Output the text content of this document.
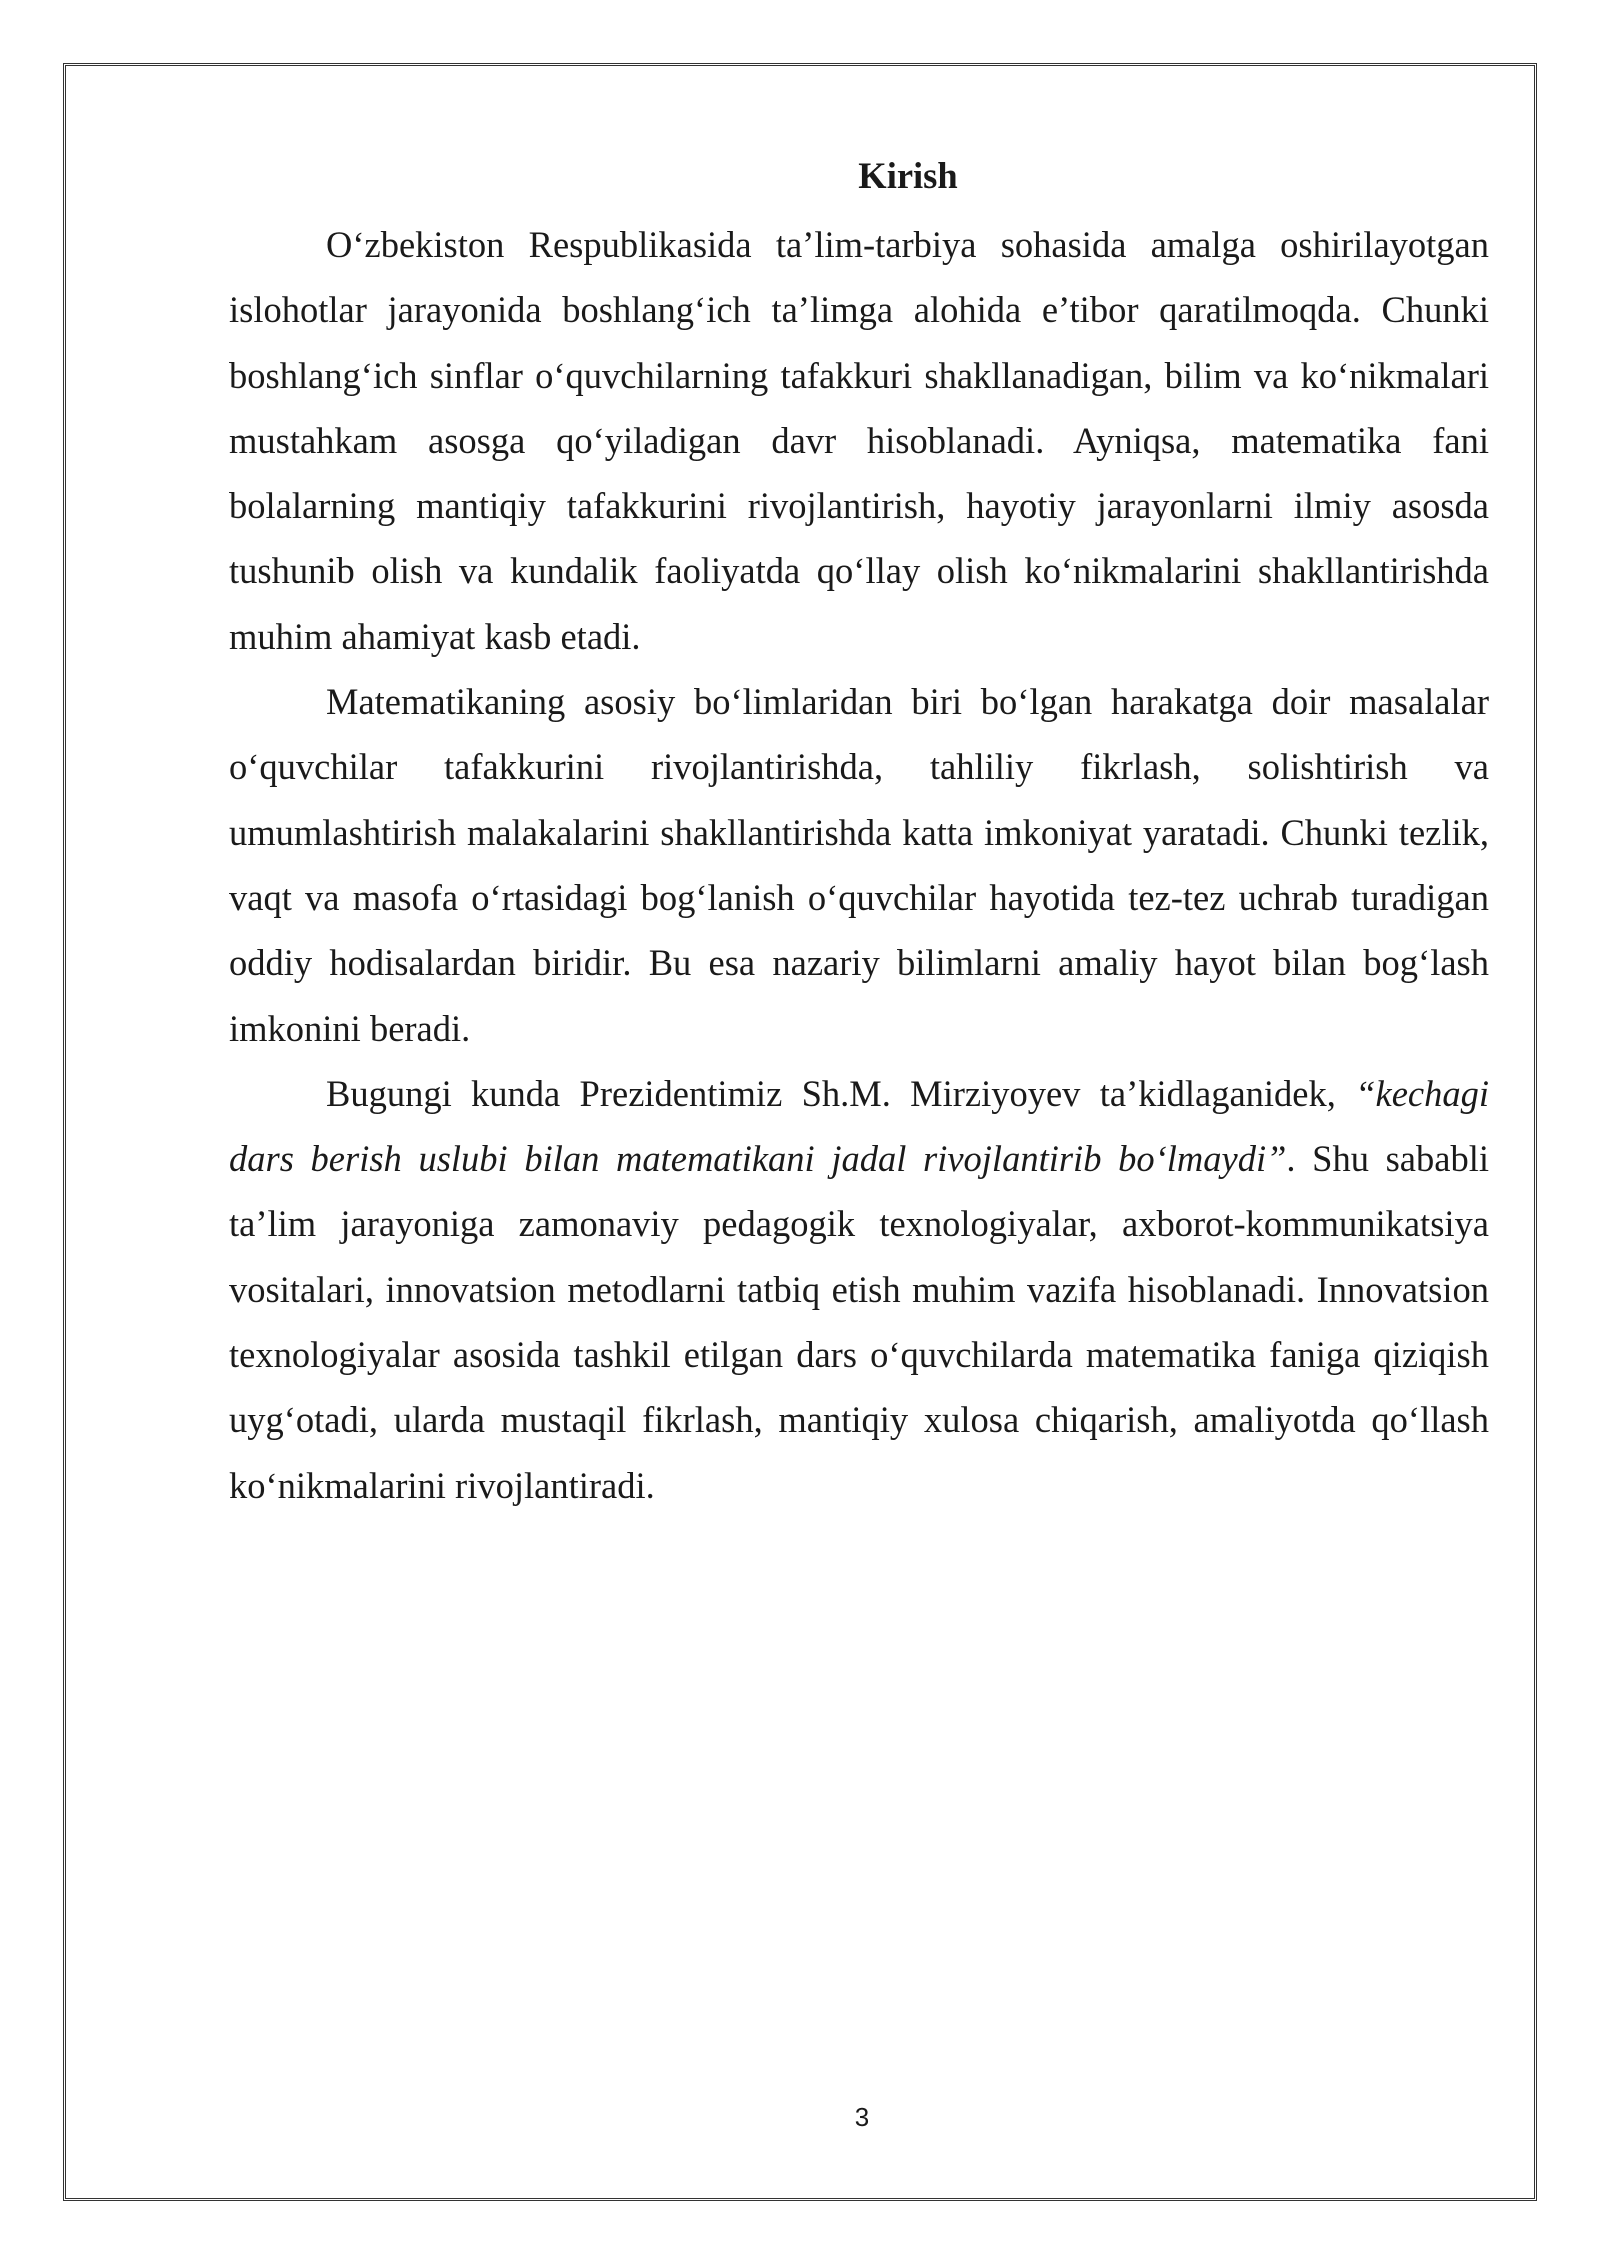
Kirish

O‘zbekiston Respublikasida ta’lim-tarbiya sohasida amalga oshirilayotgan islohotlar jarayonida boshlang‘ich ta’limga alohida e’tibor qaratilmoqda. Chunki boshlang‘ich sinflar o‘quvchilarning tafakkuri shakllanadigan, bilim va ko‘nikmalari mustahkam asosga qo‘yiladigan davr hisoblanadi. Ayniqsa, matematika fani bolalarning mantiqiy tafakkurini rivojlantirish, hayotiy jarayonlarni ilmiy asosda tushunib olish va kundalik faoliyatda qo‘llay olish ko‘nikmalarini shakllantirishda muhim ahamiyat kasb etadi.

Matematikaning asosiy bo‘limlaridan biri bo‘lgan harakatga doir masalalar o‘quvchilar tafakkurini rivojlantirishda, tahliliy fikrlash, solishtirish va umumlashtirish malakalarini shakllantirishda katta imkoniyat yaratadi. Chunki tezlik, vaqt va masofa o‘rtasidagi bog‘lanish o‘quvchilar hayotida tez-tez uchrab turadigan oddiy hodisalardan biridir. Bu esa nazariy bilimlarni amaliy hayot bilan bog‘lash imkonini beradi.

Bugungi kunda Prezidentimiz Sh.M. Mirziyoyev ta’kidlaganidek, “kechagi dars berish uslubi bilan matematikani jadal rivojlantirib bo‘lmaydi”. Shu sababli ta’lim jarayoniga zamonaviy pedagogik texnologiyalar, axborot-kommunikatsiya vositalari, innovatsion metodlarni tatbiq etish muhim vazifa hisoblanadi. Innovatsion texnologiyalar asosida tashkil etilgan dars o‘quvchilarda matematika faniga qiziqish uyg‘otadi, ularda mustaqil fikrlash, mantiqiy xulosa chiqarish, amaliyotda qo‘llash ko‘nikmalarini rivojlantiradi.

3
